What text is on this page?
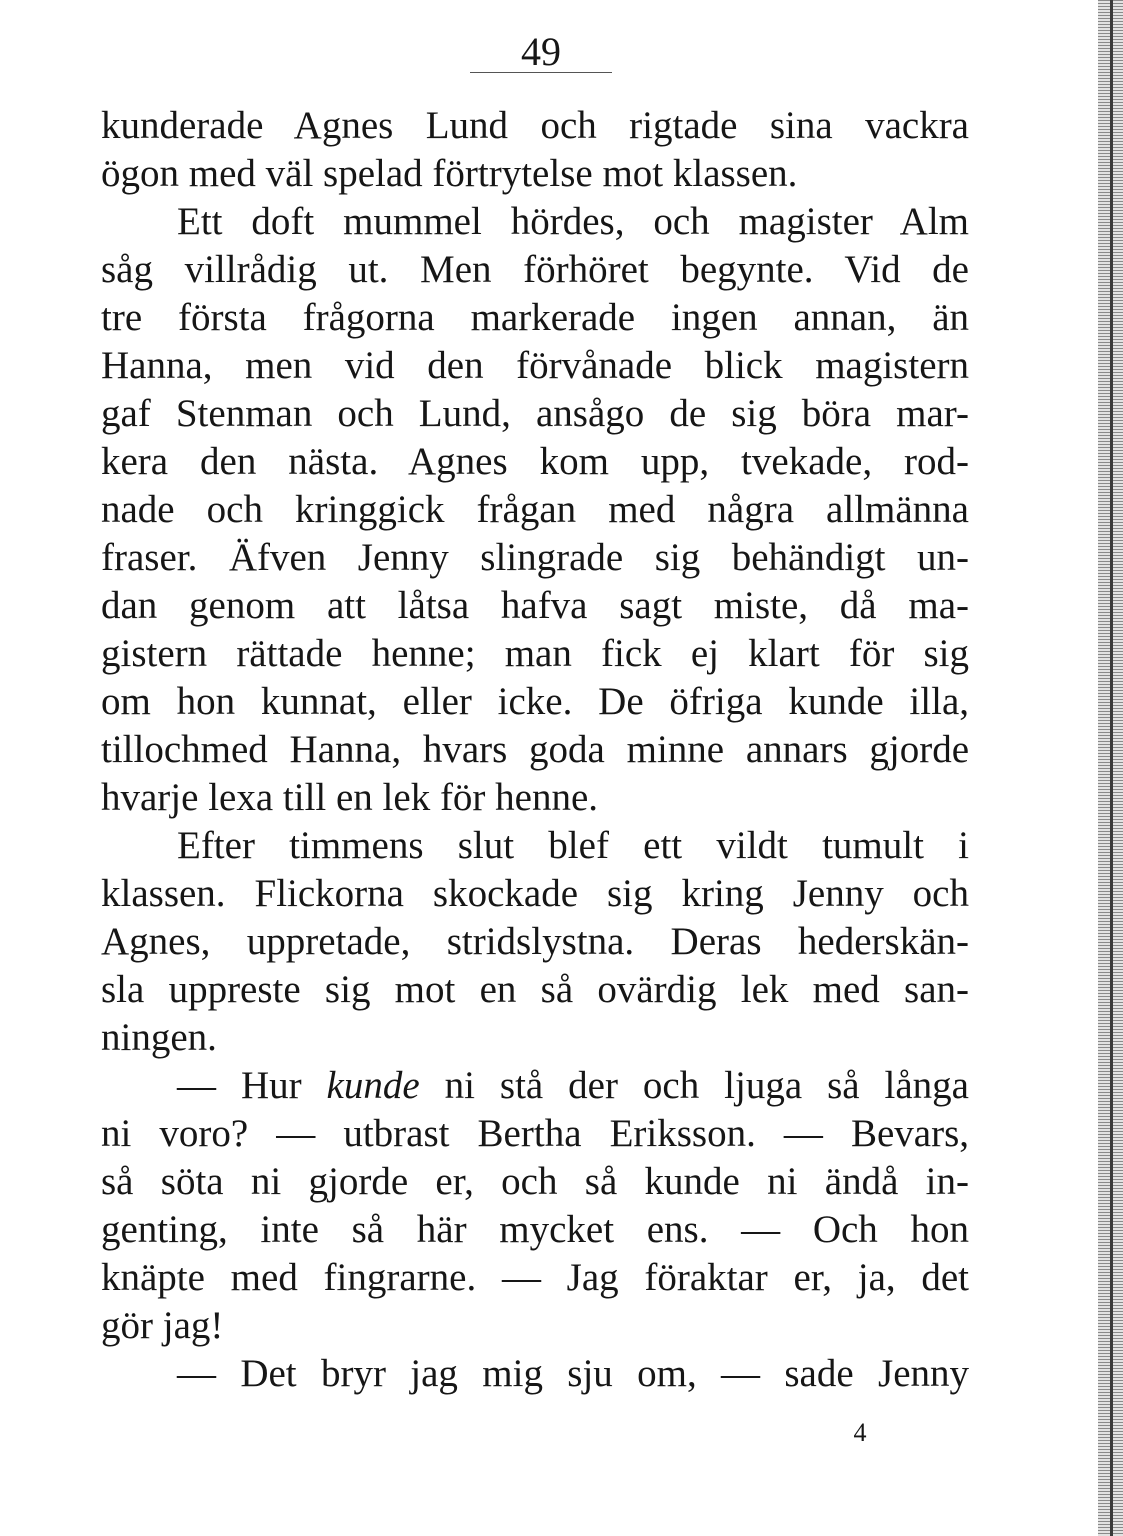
49
kunderade Agnes Lund och rigtade sina vackra
ögon med väl spelad förtrytelse mot klassen.
Ett doft mummel hördes, och magister Alm
såg villrådig ut. Men förhöret begynte. Vid de
tre första frågorna markerade ingen annan, än
Hanna, men vid den förvånade blick magistern
gaf Stenman och Lund, ansågo de sig böra mar-
kera den nästa. Agnes kom upp, tvekade, rod-
nade och kringgick frågan med några allmänna
fraser. Äfven Jenny slingrade sig behändigt un-
dan genom att låtsa hafva sagt miste, då ma-
gistern rättade henne; man fick ej klart för sig
om hon kunnat, eller icke. De öfriga kunde illa,
tillochmed Hanna, hvars goda minne annars gjorde
hvarje lexa till en lek för henne.
Efter timmens slut blef ett vildt tumult i
klassen. Flickorna skockade sig kring Jenny och
Agnes, uppretade, stridslystna. Deras hederskän-
sla uppreste sig mot en så ovärdig lek med san-
ningen.
— Hur kunde ni stå der och ljuga så långa
ni voro? — utbrast Bertha Eriksson. — Bevars,
så söta ni gjorde er, och så kunde ni ändå in-
genting, inte så här mycket ens. — Och hon
knäpte med fingrarne. — Jag föraktar er, ja, det
gör jag!
— Det bryr jag mig sju om, — sade Jenny
4
